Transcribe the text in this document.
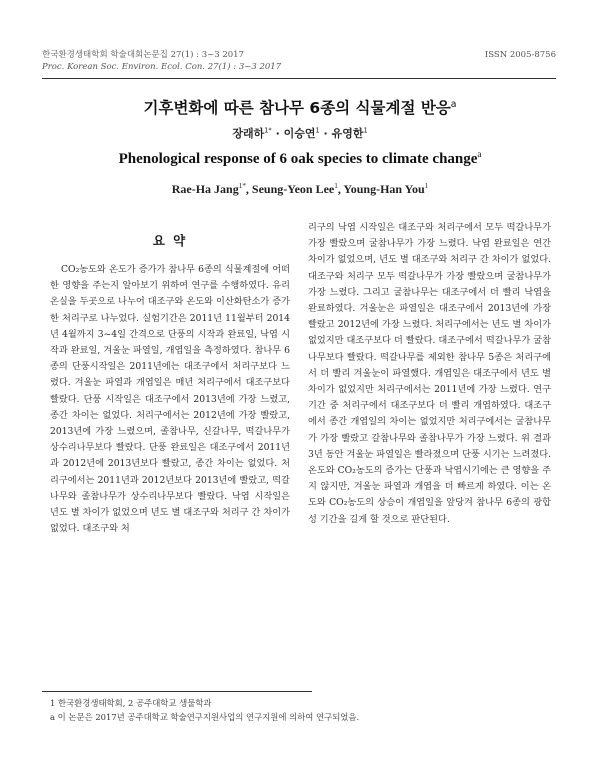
한국환경생태학회 학술대회논문집 27(1) : 3~3 2017
Proc. Korean Soc. Environ. Ecol. Con. 27(1) : 3~3 2017
ISSN 2005-8756
기후변화에 따른 참나무 6종의 식물계절 반응$^a$
장래하$^{1*}$ · 이승연$^1$ · 유영한$^1$
Phenological response of 6 oak species to climate change$^a$
Rae-Ha Jang$^{1*}$, Seung-Yeon Lee$^1$, Young-Han You$^1$
요 약

CO₂농도와 온도가 증가가 참나무 6종의 식물계절에 어떠한 영향을 주는지 알아보기 위하여 연구를 수행하였다. 유리온실을 두곳으로 나누어 대조구와 온도와 이산화탄소가 증가한 처리구로 나누었다. 실험기간은 2011년 11월부터 2014년 4월까지 3~4일 간격으로 단풍의 시작과 완료일, 낙엽 시작과 완료일, 겨울눈 파열일, 개엽일을 측정하였다. 참나무 6종의 단풍시작일은 2011년에는 대조구에서 처리구보다 느렸다. 겨울눈 파열과 개엽일은 매년 처리구에서 대조구보다 빨랐다. 단풍 시작일은 대조구에서 2013년에 가장 느렸고, 종간 차이는 없었다. 처리구에서는 2012년에 가장 빨랐고, 2013년에 가장 느렸으며, 졸참나무, 신갈나무, 떡갈나무가 상수리나무보다 빨랐다. 단풍 완료일은 대조구에서 2011년과 2012년에 2013년보다 빨랐고, 종간 차이는 없었다. 처리구에서는 2011년과 2012년보다 2013년에 빨랐고, 떡갈나무와 졸참나무가 상수리나무보다 빨랐다. 낙엽 시작일은 년도 별 차이가 없었으며 년도 별 대조구와 처리구 간 차이가 없었다. 대조구와 처

리구의 낙엽 시작일은 대조구와 처리구에서 모두 떡갈나무가 가장 빨랐으며 굴참나무가 가장 느렸다. 낙엽 완료일은 연간 차이가 없었으며, 년도 별 대조구와 처리구 간 차이가 없었다. 대조구와 처리구 모두 떡갈나무가 가장 빨랐으며 굴참나무가 가장 느렸다. 그리고 굴참나무는 대조구에서 더 빨리 낙엽을 완료하였다. 겨울눈은 파열일은 대조구에서 2013년에 가장 빨랐고 2012년에 가장 느렸다. 처리구에서는 년도 별 차이가 없었지만 대조구보다 더 빨랐다. 대조구에서 떡갈나무가 굴참나무보다 빨랐다. 떡갈나무를 제외한 참나무 5종은 처리구에서 더 빨리 겨울눈이 파열했다. 개엽일은 대조구에서 년도 별 차이가 없었지만 처리구에서는 2011년에 가장 느렸다. 연구기간 중 처리구에서 대조구보다 더 빨리 개엽하였다. 대조구에서 종간 개엽일의 차이는 없었지만 처리구에서는 굴참나무가 가장 빨랐고 갈참나무와 졸참나무가 가장 느렸다. 위 결과 3년 동안 겨울눈 파열일은 빨라졌으며 단풍 시기는 느려졌다. 온도와 CO₂농도의 증가는 단풍과 낙엽시기에는 큰 영향을 주지 않지만, 겨울눈 파열과 개엽을 더 빠르게 하였다. 이는 온도와 CO₂농도의 상승이 개엽일을 앞당겨 참나무 6종의 광합성 기간을 길게 할 것으로 판단된다.

1 한국환경생태학회, 2 공주대학교 생물학과
a 이 논문은 2017년 공주대학교 학술연구지원사업의 연구지원에 의하여 연구되었음.
